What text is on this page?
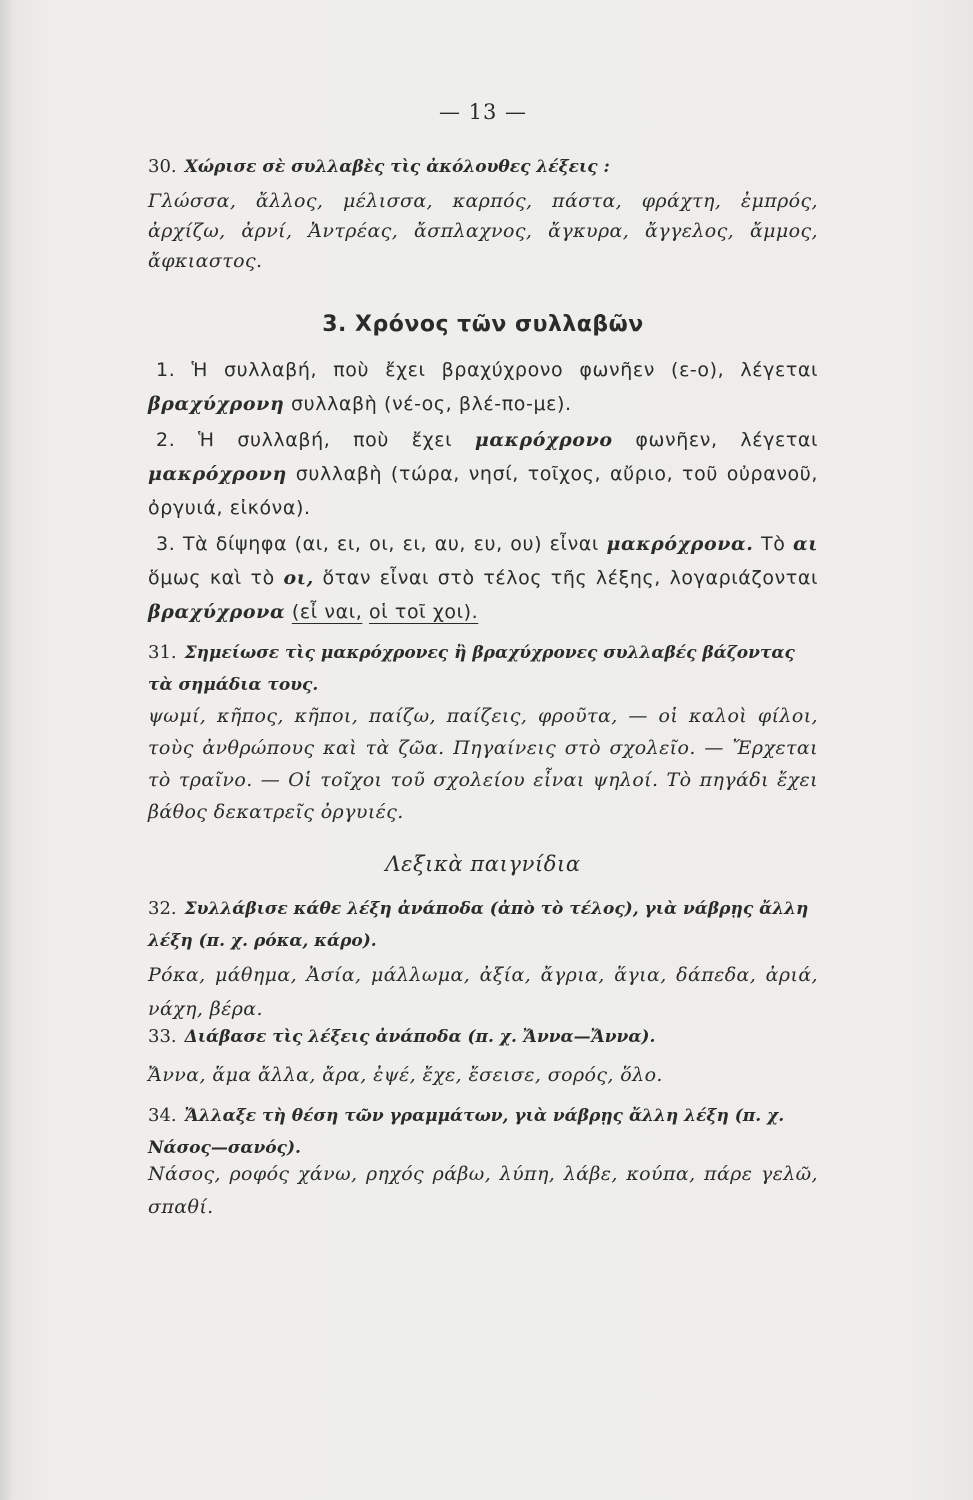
— 13 —
30. Χώρισε σὲ συλλαβὲς τὶς ἀκόλουθες λέξεις :
Γλώσσα, ἄλλος, μέλισσα, καρπός, πάστα, φράχτη, ἐμπρός, ἀρχίζω, ἀρνί, Ἀντρέας, ἄσπλαχνος, ἄγκυρα, ἄγγελος, ἄμμος, ἄφκιαστος.
3. Χρόνος τῶν συλλαβῶν
1. Ἡ συλλαβή, ποὺ ἔχει βραχύχρονο φωνῆεν (ε-ο), λέγεται βραχύχρονη συλλαβὴ (νέ-ος, βλέ-πο-με).
2. Ἡ συλλαβή, ποὺ ἔχει μακρόχρονο φωνῆεν, λέγεται μακρόχρονη συλλαβὴ (τώρα, νησί, τοῖχος, αὔριο, τοῦ οὐρανοῦ, ὀργυιά, εἰκόνα).
3. Τὰ δίψηφα (αι, ει, οι, ει, αυ, ευ, ου) εἶναι μακρόχρονα. Τὸ αι ὅμως καὶ τὸ οι, ὅταν εἶναι στὸ τέλος τῆς λέξης, λογαριάζονται βραχύχρονα (εἶ ναι, οἱ τοῖ χοι).
31. Σημείωσε τὶς μακρόχρονες ἢ βραχύχρονες συλλαβές βάζοντας τὰ σημάδια τους.
ψωμί, κῆπος, κῆποι, παίζω, παίζεις, φροῦτα, — οἱ καλοὶ φίλοι, τοὺς ἀνθρώπους καὶ τὰ ζῶα. Πηγαίνεις στὸ σχολεῖο. — Ἔρχεται τὸ τραῖνο. — Οἱ τοῖχοι τοῦ σχολείου εἶναι ψηλοί. Τὸ πηγάδι ἔχει βάθος δεκατρεῖς ὀργυιές.
Λεξικὰ παιγνίδια
32. Συλλάβισε κάθε λέξη ἀνάποδα (ἀπὸ τὸ τέλος), γιὰ νάβρῃς ἄλλη λέξη (π. χ. ρόκα, κάρο).
Ρόκα, μάθημα, Ἀσία, μάλλωμα, ἀξία, ἄγρια, ἅγια, δάπεδα, ἀριά, νάχη, βέρα.
33. Διάβασε τὶς λέξεις ἀνάποδα (π. χ. Ἄννα—Ἄννα).
Ἄννα, ἅμα ἄλλα, ἄρα, ἐψέ, ἔχε, ἔσεισε, σορός, ὅλο.
34. Ἄλλαξε τὴ θέση τῶν γραμμάτων, γιὰ νάβρῃς ἄλλη λέξη (π. χ. Νάσος—σανός).
Νάσος, ροφός χάνω, ρηχός ράβω, λύπη, λάβε, κούπα, πάρε γελῶ, σπαθί.
